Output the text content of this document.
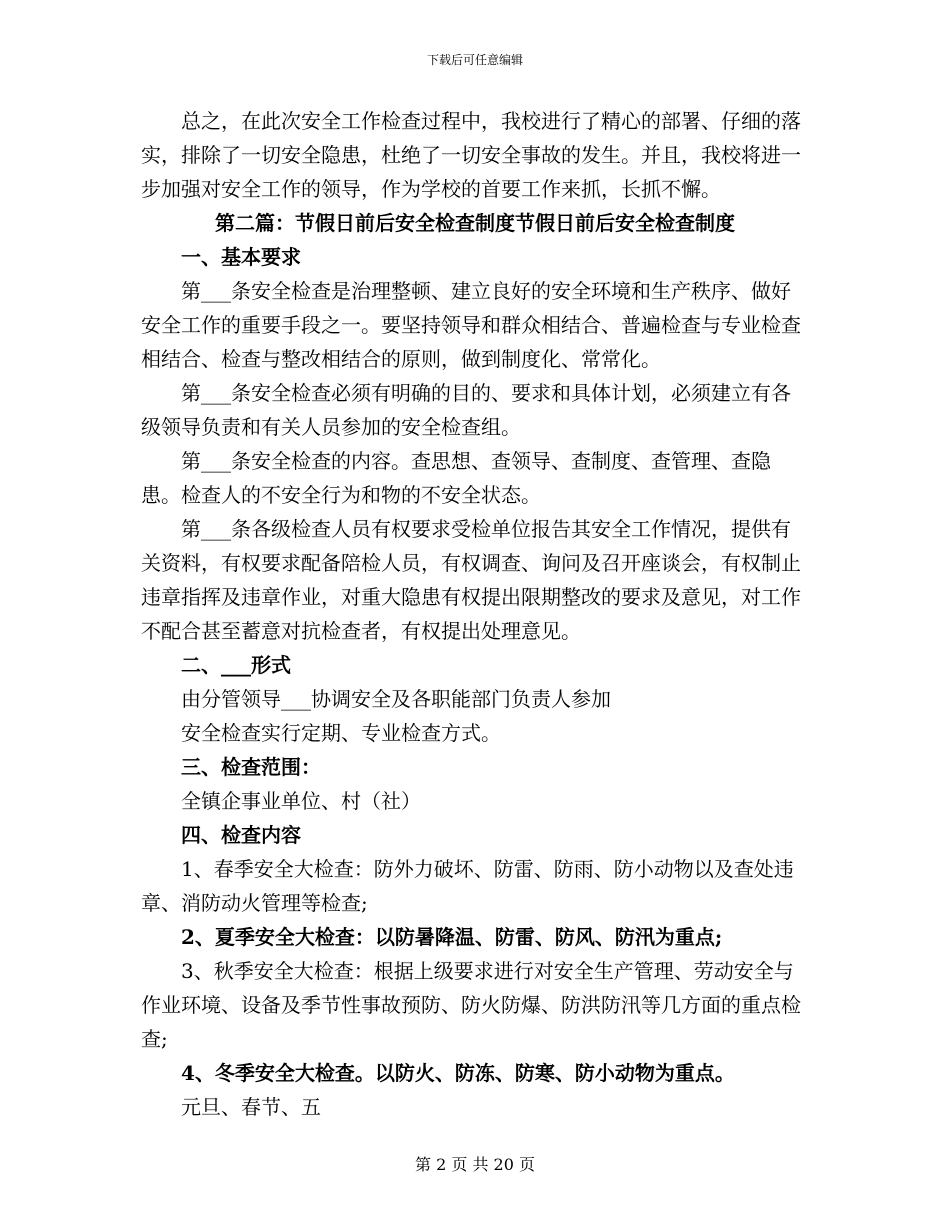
下载后可任意编辑

总之，在此次安全工作检查过程中，我校进行了精心的部署、仔细的落实，排除了一切安全隐患，杜绝了一切安全事故的发生。并且，我校将进一步加强对安全工作的领导，作为学校的首要工作来抓，长抓不懈。

第二篇：节假日前后安全检查制度节假日前后安全检查制度

一、基本要求

第___条安全检查是治理整顿、建立良好的安全环境和生产秩序、做好安全工作的重要手段之一。要坚持领导和群众相结合、普遍检查与专业检查相结合、检查与整改相结合的原则，做到制度化、常常化。

第___条安全检查必须有明确的目的、要求和具体计划，必须建立有各级领导负责和有关人员参加的安全检查组。

第___条安全检查的内容。查思想、查领导、查制度、查管理、查隐患。检查人的不安全行为和物的不安全状态。

第___条各级检查人员有权要求受检单位报告其安全工作情况，提供有关资料，有权要求配备陪检人员，有权调查、询问及召开座谈会，有权制止违章指挥及违章作业，对重大隐患有权提出限期整改的要求及意见，对工作不配合甚至蓄意对抗检查者，有权提出处理意见。

二、___形式

由分管领导___协调安全及各职能部门负责人参加

安全检查实行定期、专业检查方式。

三、检查范围：

全镇企事业单位、村（社）

四、检查内容

1、春季安全大检查：防外力破坏、防雷、防雨、防小动物以及查处违章、消防动火管理等检查;

2、夏季安全大检查：以防暑降温、防雷、防风、防汛为重点;

3、秋季安全大检查：根据上级要求进行对安全生产管理、劳动安全与作业环境、设备及季节性事故预防、防火防爆、防洪防汛等几方面的重点检查;

4、冬季安全大检查。以防火、防冻、防寒、防小动物为重点。

元旦、春节、五

第 2 页 共 20 页
